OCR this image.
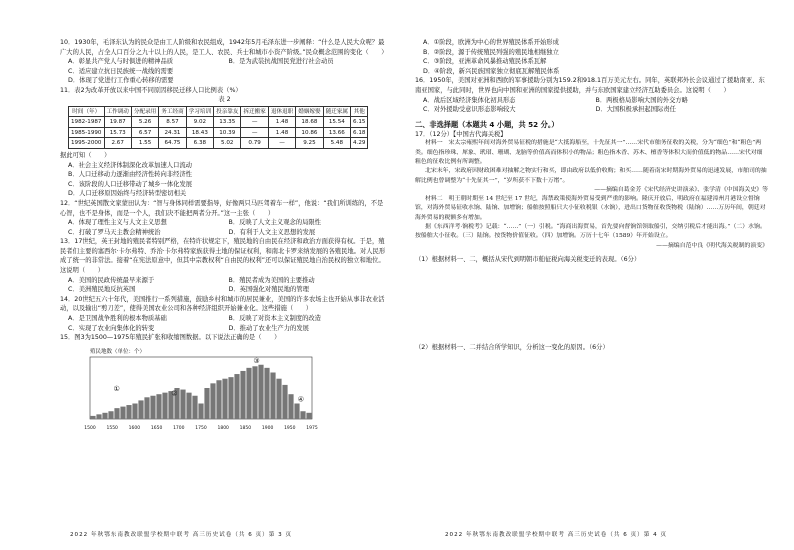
10．1930年，毛泽东认为的民众是由工人阶级和农民组成，1942年5月毛泽东进一步阐释：“什么是人民大众呢？最广大的人民，占全人口百分之九十以上的人民，是工人、农民、兵士和城市小资产阶级。”民众概念范围的变化（　　）

A．彰显共产党人与时俱进的精神品质	B．是为武装抗战国民党进行社会动员

C．适应建立抗日民族统一战线的需要

D．体现了党进行工作重心转移的需要

11．表2为改革开放以来中国不同原因移民迁移人口比例表（%）

表 2
时间（年）	工作调动	分配录用	务工经商	学习培训	投亲靠友	拆迁搬家	退休退职	婚姻嫁娶	随迁家属	其他
1982-1987	19.87	5.26	8.57	9.02	13.35	—	1.48	18.68	15.54	6.15
1985-1990	15.73	6.57	24.31	18.43	10.39	—	1.48	10.86	13.66	6.18
1995-2000	2.67	1.55	64.75	6.38	5.02	0.79	—	9.25	5.48	4.29

据此可知（　　）

A．社会主义经济体制深化改革加速人口流动

B．人口迁移动力逐渐由经济性转向非经济性

C．该阶段的人口迁移带动了城乡一体化发展

D．人口迁移原因始终与经济转型密切相关

12．“世纪英国散文家蒙田认为：“智与身体同样需要指导，好像两只马匹驾着车一样”，他说：“我们所训练的，不是心智，也不是身体，而是一个人，我们决不能把两者分开。”这一主张（　　）

A．体现了理性主义与人文主义思想	B．反映了人文主义观念的局限性
C．打破了罗马天主教会精神统治	D．有利于人文主义思想的发展

13．17世纪，英王封地的殖民者特别严格，在特许状规定下，殖民地的自由民在经济和政治方面获得有权。于是，殖民者们主要的塞西尔·卡尔弗特、乔治·卡尔弗特家族获得土地的保证权利，和南北卡罗来纳发展的各殖民地。对人民形成了统一的非常法。接着“在宪法原意中，但其中宗教权利“自由民的权利”还可以保证殖民地自治民权的独立和地位。这说明（　　）

A．美国的民政传统最早来源于	B．殖民者成为美国的主要推动
C．美洲殖民地反抗英国	D．英国强化对殖民地的管理

14．20世纪五六十年代，美国推行一系列措施，鼓励乡村和城市的居民兼业，美国的许多农场主也开始从事非农业活动，以及输出“剪刀差”，使得美国农业公司和各种经济组织开始兼业化。这些措施（　　）

A．是卫国战争胜利的根本物质基础	B．反映了对资本主义制度的改造
C．实现了农业向集体化的转变	D．推动了农业生产力的发展

15．图3为1500—1975年殖民扩张和收缩图数据。以下说法正确的是（　　）

殖民地数（单位：个）
1500 1550 1600 1650 1700 1750 1800 1850 1900 1950 1975
①
②
③
④
2022 年秋鄂东南教改联盟学校期中联考 高三历史试卷（共 6 页）第 3 页

A．①阶段，欧洲为中心的世界殖民体系开始形成

B．②阶段，源于传统殖民列强的殖民地相继独立

C．③阶段，亚洲革命风暴推动殖民体系瓦解

D．④阶段，新兴民族国家独立彻底瓦解殖民体系

16．1950年，美国对亚洲和西欧的军事援助分别为159.2和918.1百万美元左右。同年，英联邦外长会议通过了援助南亚、东南亚国家，与此同时，世界也向中国和亚洲的国家提供援助，并与东欧国家建立经济互助委员会。这说明（　　）

A．战后区域经济集体化初具形态	B．两极格局影响大国的外交方略
C．对外援助受意识形态影响较大	D．大国积极承担起国际责任
二、非选择题（本题共 4 小题，共 52 分。）

17．（12分）【中国古代海关税】

材料一　宋太宗雍熙年间对海外贸易征税的措施是“大抵海船至，十先征其一”……宋代市舶务征收的关税，分为“细色”和“粗色”两类。细色指珍珠、犀象、玳瑁、珊瑚、龙脑等价值高而体积小的物品；粗色指木香、苏木、檀香等体积大而价值低的物品……宋代对细粗色的征收比例有所调整。

北宋末年，宋政府因财政困难对抽解之物实行和买，即由政府以低价收购；和买……随着南宋时期海外贸易的迅速发展，市舶司的抽解比例也曾调整为“十先征其一”，“岁所获不下数十万缗”。

——摘编自葛金芳《宋代经济史讲演录》、张学清《中国海关史》等

材料二　明王朝时期至 14 世纪至 17 世纪，海禁政策使海外贸易受到严重的影响。隆庆开放后，明政府在福建漳州月港设立督饷馆，对海外贸易征收水饷、陆饷、加增饷；船舶按照船只大小征收税银（水饷），进出口货物征收货物税（陆饷）……万历年间，朝廷对海外贸易的税额多有增加。

据《东西洋考·饷税考》记载：“……”（一）引税。“海商出海贸易，首先要向督饷馆领取船引，交纳引税后才能出海。”（二）水饷。按船舶大小征收。（三）陆饷。按货物价值征收。（四）加增饷。万历十七年（1589）年开始设立。

——摘编自范中良《明代海关税制的演变》

（1）根据材料一、二，概括从宋代到明朝市舶征税向海关税变迁的表现。（6分）

（2）根据材料一、二并结合所学知识，分析这一变化的原因。（6分）

2022 年秋鄂东南教改联盟学校期中联考 高三历史试卷（共 6 页）第 4 页
